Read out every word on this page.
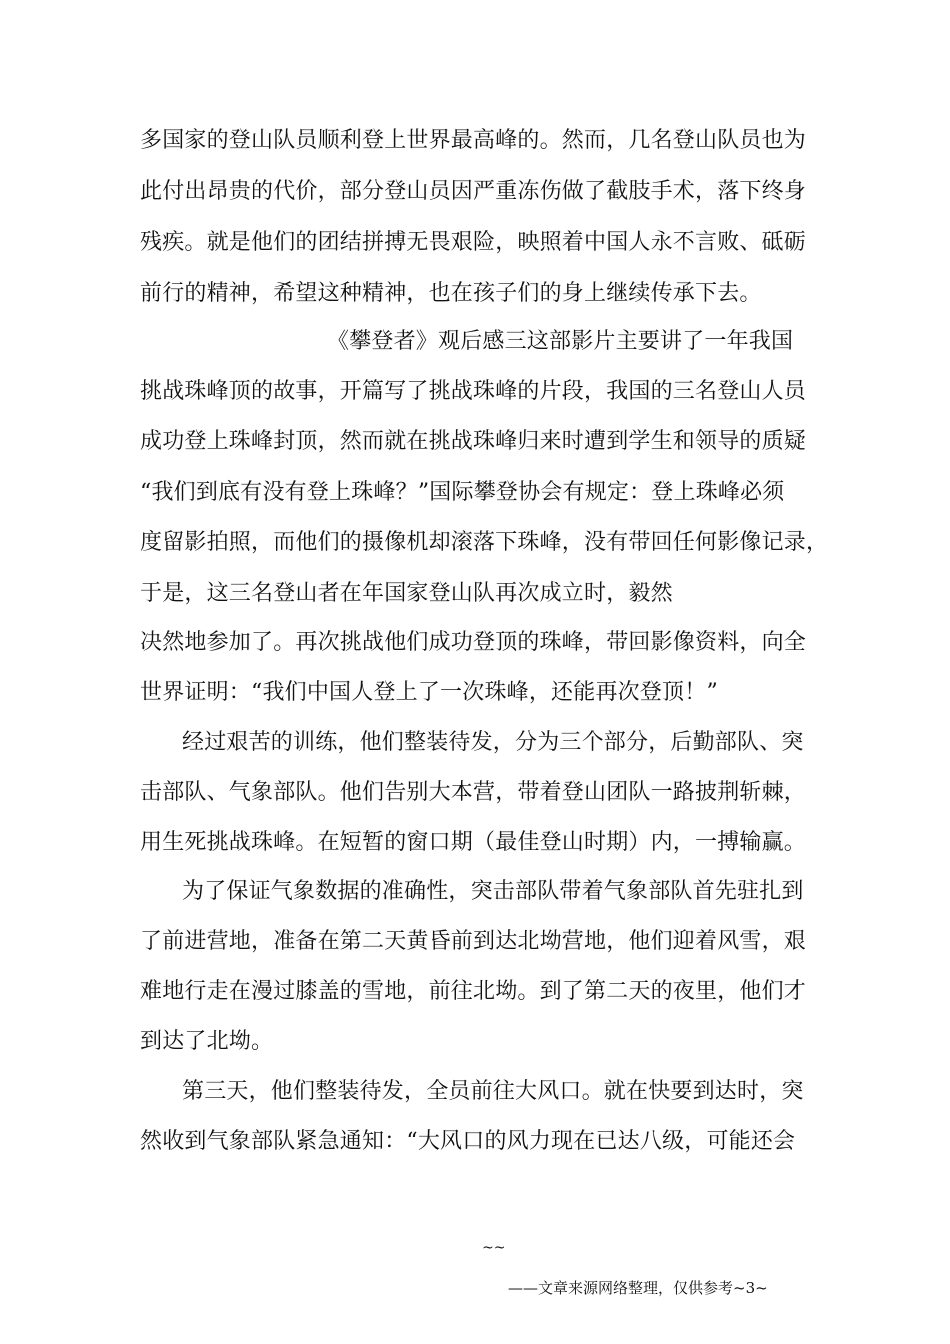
多国家的登山队员顺利登上世界最高峰的。然而，几名登山队员也为
此付出昂贵的代价，部分登山员因严重冻伤做了截肢手术，落下终身
残疾。就是他们的团结拼搏无畏艰险，映照着中国人永不言败、砥砺
前行的精神，希望这种精神，也在孩子们的身上继续传承下去。
《攀登者》观后感三这部影片主要讲了一年我国
挑战珠峰顶的故事，开篇写了挑战珠峰的片段，我国的三名登山人员
成功登上珠峰封顶，然而就在挑战珠峰归来时遭到学生和领导的质疑
“我们到底有没有登上珠峰？”国际攀登协会有规定：登上珠峰必须
度留影拍照，而他们的摄像机却滚落下珠峰，没有带回任何影像记录，
于是，这三名登山者在年国家登山队再次成立时，毅然
决然地参加了。再次挑战他们成功登顶的珠峰，带回影像资料，向全
世界证明：“我们中国人登上了一次珠峰，还能再次登顶！”
经过艰苦的训练，他们整装待发，分为三个部分，后勤部队、突
击部队、气象部队。他们告别大本营，带着登山团队一路披荆斩棘，
用生死挑战珠峰。在短暂的窗口期（最佳登山时期）内，一搏输赢。
为了保证气象数据的准确性，突击部队带着气象部队首先驻扎到
了前进营地，准备在第二天黄昏前到达北坳营地，他们迎着风雪，艰
难地行走在漫过膝盖的雪地，前往北坳。到了第二天的夜里，他们才
到达了北坳。
第三天，他们整装待发，全员前往大风口。就在快要到达时，突
然收到气象部队紧急通知：“大风口的风力现在已达八级，可能还会
~~
——文章来源网络整理，仅供参考~3~
